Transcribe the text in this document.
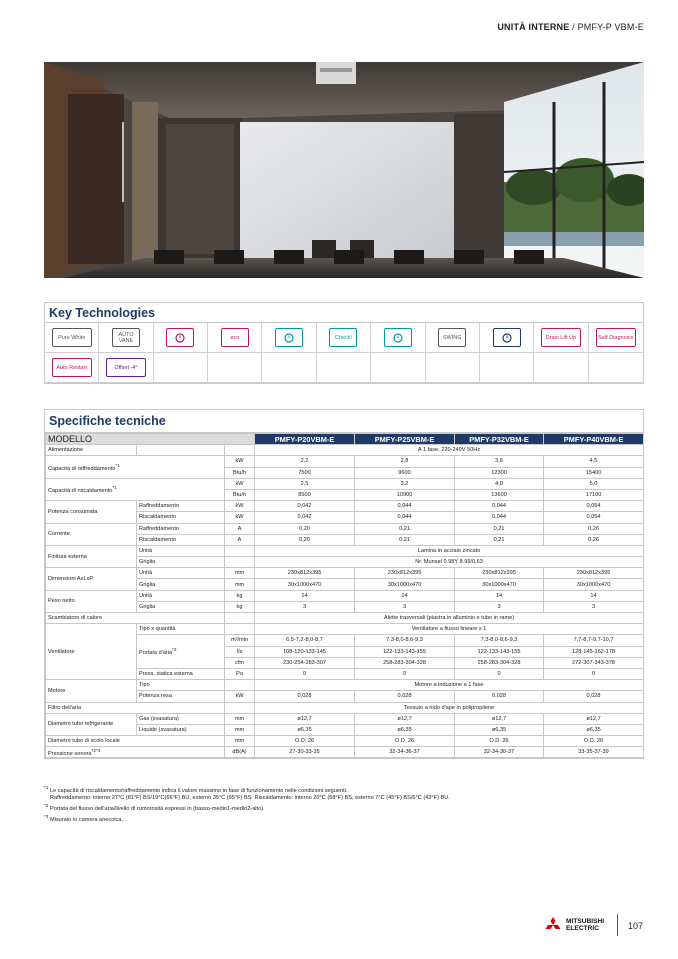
UNITÀ INTERNE / PMFY-P VBM-E
Key Technologies
Pure White	AUTO VANE	eco	Check!	SWING	Drain Lift Up	Self Diagnosis
Auto Restart	Offset -4°
Specifiche tecniche
MODELLO			PMFY-P20VBM-E	PMFY-P25VBM-E	PMFY-P32VBM-E	PMFY-P40VBM-E
Alimentazione			A 1 fase, 220-240V 50Hz			
Capacità di raffreddamento$^{*1}$		kW	2,2	2,8	3,6	4,5
		Btu/h	7500	9600	12300	15400
Capacità di riscaldamento$^{*1}$		kW	2,5	3,2	4,0	5,0
		Btu/h	8500	10900	13600	17100
Potenza consumata	Raffreddamento	kW	0,042	0,044	0,044	0,054
	Riscaldamento	kW	0,042	0,044	0,044	0,054
Corrente	Raffreddamento	A	0,20	0,21	0,21	0,26
	Riscaldamento	A	0,20	0,21	0,21	0,26
Finitura esterna	Unità		Lamina in acciaio zincato			
	Griglia		Nr. Munsel 0.98Y 8.99/0.63			
Dimensioni AxLxP	Unità	mm	230x812x395	230x812x395	230x812x395	230x812x395
	Griglia	mm	30x1000x470	30x1000x470	30x1000x470	30x1000x470
Peso netto	Unità	kg	14	14	14	14
	Griglia	kg	3	3	3	3
Scambiatore di calore			Alette trasversali (piastra in alluminio e tubo in rame)			
Ventilatore	Tipo x quantità		Ventilatore a flusso lineare x 1			
	Portata d'aria$^{*2}$	m³/min	6,5-7,2-8,0-8,7	7,3-8,0-8,6-9,3	7,3-8,0-8,6-9,3	7,7-8,7-9,7-10,7
		l/s	108-120-133-145	122-133-143-155	122-133-143-155	128-145-162-178
		cfm	230-254-283-307	258-283-304-328	258-283-304-328	272-307-343-378
	Press. statica esterna	Pa	0	0	0	0
Motore	Tipo		Motore a induzione a 1 fase			
	Potenza resa	kW	0,028	0,028	0,028	0,028
Filtro dell'aria			Tessuto a nido d'ape in polipropilene			
Diametro tubo refrigerante	Gas (svasatura)	mm	ø12,7	ø12,7	ø12,7	ø12,7
	Liquido (svasatura)	mm	ø6,35	ø6,35	ø6,35	ø6,35
Diametro tubo di scolo locale		mm	O.D. 26	O.D. 26	O.D. 26	O.D. 26
Pressione sonora$^{*2*3}$		dB(A)	27-30-33-35	32-34-36-37	32-34-36-37	33-35-37-39
$^{*1}$ Le capacità di riscaldamento/raffreddamento indica il valore massimo in fase di funzionamento nelle condizioni seguenti.
Raffreddamento: interno 27°C (81°F) BS/19°C(66°F) BU, esterno 35°C (95°F) BS. Riscaldamento: interno 20°C (68°F) BS, esterno 7°C (45°F) BS/6°C (43°F) BU.
$^{*2}$ Portata del flusso dell'aria/livello di rumorosità espressi in (basso-medio1-medio2-alto).
$^{*3}$ Misurato in camera anecoica.
MITSUBISHI
ELECTRIC	107
